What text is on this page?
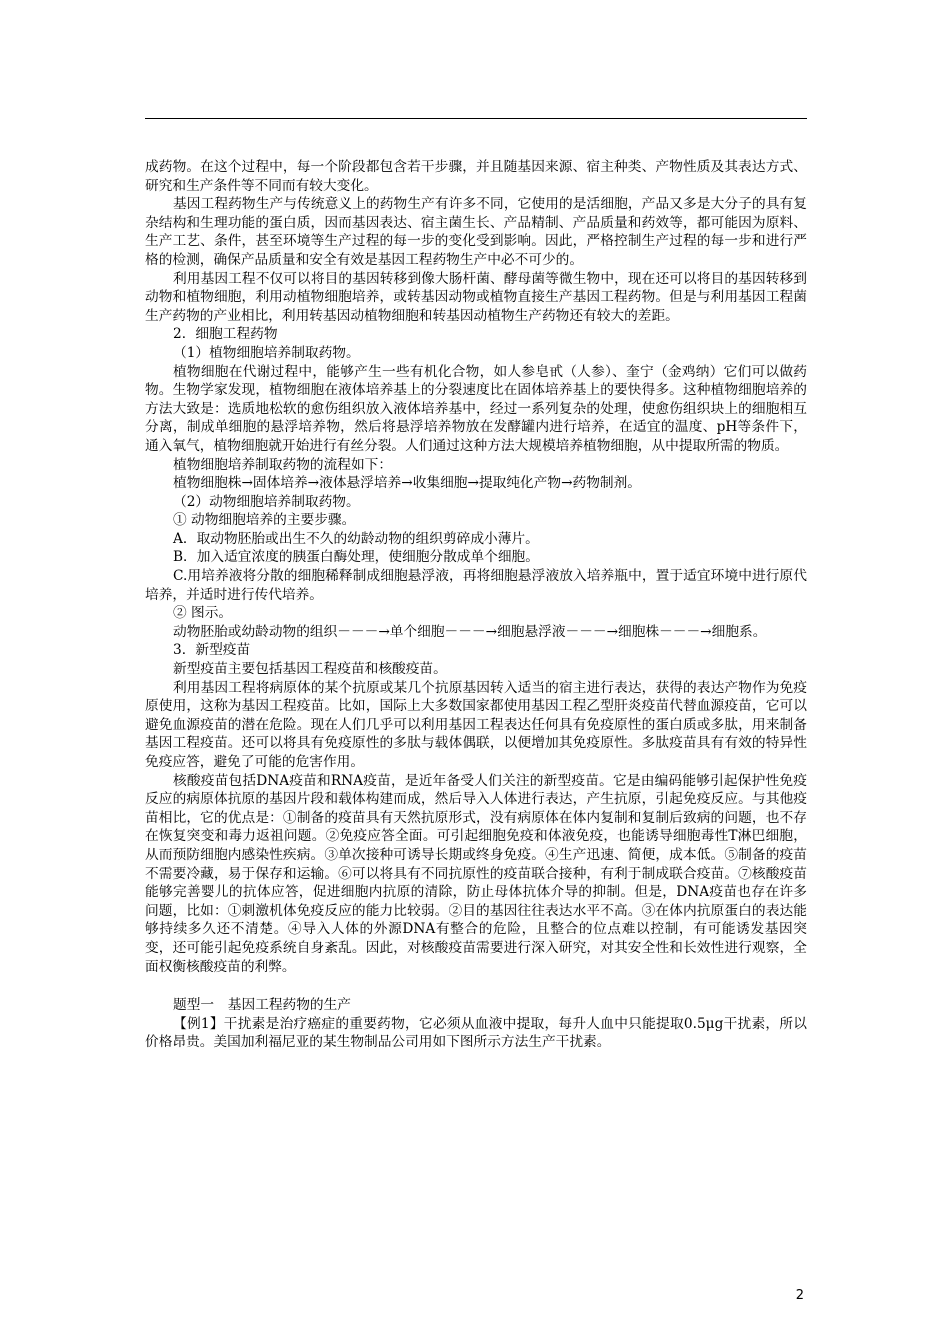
成药物。在这个过程中，每一个阶段都包含若干步骤，并且随基因来源、宿主种类、产物性质及其表达方式、研究和生产条件等不同而有较大变化。

基因工程药物生产与传统意义上的药物生产有许多不同，它使用的是活细胞，产品又多是大分子的具有复杂结构和生理功能的蛋白质，因而基因表达、宿主菌生长、产品精制、产品质量和药效等，都可能因为原料、生产工艺、条件，甚至环境等生产过程的每一步的变化受到影响。因此，严格控制生产过程的每一步和进行严格的检测，确保产品质量和安全有效是基因工程药物生产中必不可少的。

利用基因工程不仅可以将目的基因转移到像大肠杆菌、酵母菌等微生物中，现在还可以将目的基因转移到动物和植物细胞，利用动植物细胞培养，或转基因动物或植物直接生产基因工程药物。但是与利用基因工程菌生产药物的产业相比，利用转基因动植物细胞和转基因动植物生产药物还有较大的差距。

2．细胞工程药物

（1）植物细胞培养制取药物。

植物细胞在代谢过程中，能够产生一些有机化合物，如人参皂甙（人参）、奎宁（金鸡纳）它们可以做药物。生物学家发现，植物细胞在液体培养基上的分裂速度比在固体培养基上的要快得多。这种植物细胞培养的方法大致是：选质地松软的愈伤组织放入液体培养基中，经过一系列复杂的处理，使愈伤组织块上的细胞相互分离，制成单细胞的悬浮培养物，然后将悬浮培养物放在发酵罐内进行培养，在适宜的温度、pH等条件下，通入氧气，植物细胞就开始进行有丝分裂。人们通过这种方法大规模培养植物细胞，从中提取所需的物质。

植物细胞培养制取药物的流程如下：

植物细胞株→固体培养→液体悬浮培养→收集细胞→提取纯化产物→药物制剂。

（2）动物细胞培养制取药物。

① 动物细胞培养的主要步骤。

A．取动物胚胎或出生不久的幼龄动物的组织剪碎成小薄片。

B．加入适宜浓度的胰蛋白酶处理，使细胞分散成单个细胞。

C.用培养液将分散的细胞稀释制成细胞悬浮液，再将细胞悬浮液放入培养瓶中，置于适宜环境中进行原代培养，并适时进行传代培养。

② 图示。

动物胚胎或幼龄动物的组织－－－→单个细胞－－－→细胞悬浮液－－－→细胞株－－－→细胞系。

3．新型疫苗

新型疫苗主要包括基因工程疫苗和核酸疫苗。

利用基因工程将病原体的某个抗原或某几个抗原基因转入适当的宿主进行表达，获得的表达产物作为免疫原使用，这称为基因工程疫苗。比如，国际上大多数国家都使用基因工程乙型肝炎疫苗代替血源疫苗，它可以避免血源疫苗的潜在危险。现在人们几乎可以利用基因工程表达任何具有免疫原性的蛋白质或多肽，用来制备基因工程疫苗。还可以将具有免疫原性的多肽与载体偶联，以便增加其免疫原性。多肽疫苗具有有效的特异性免疫应答，避免了可能的危害作用。

核酸疫苗包括DNA疫苗和RNA疫苗，是近年备受人们关注的新型疫苗。它是由编码能够引起保护性免疫反应的病原体抗原的基因片段和载体构建而成，然后导入人体进行表达，产生抗原，引起免疫反应。与其他疫苗相比，它的优点是：①制备的疫苗具有天然抗原形式，没有病原体在体内复制和复制后致病的问题，也不存在恢复突变和毒力返祖问题。②免疫应答全面。可引起细胞免疫和体液免疫，也能诱导细胞毒性T淋巴细胞，从而预防细胞内感染性疾病。③单次接种可诱导长期或终身免疫。④生产迅速、简便，成本低。⑤制备的疫苗不需要冷藏，易于保存和运输。⑥可以将具有不同抗原性的疫苗联合接种，有利于制成联合疫苗。⑦核酸疫苗能够完善婴儿的抗体应答，促进细胞内抗原的清除，防止母体抗体介导的抑制。但是，DNA疫苗也存在许多问题，比如：①刺激机体免疫反应的能力比较弱。②目的基因往往表达水平不高。③在体内抗原蛋白的表达能够持续多久还不清楚。④导入人体的外源DNA有整合的危险，且整合的位点难以控制，有可能诱发基因突变，还可能引起免疫系统自身紊乱。因此，对核酸疫苗需要进行深入研究，对其安全性和长效性进行观察，全面权衡核酸疫苗的利弊。

题型一　基因工程药物的生产

【例1】干扰素是治疗癌症的重要药物，它必须从血液中提取，每升人血中只能提取0.5μg干扰素，所以价格昂贵。美国加利福尼亚的某生物制品公司用如下图所示方法生产干扰素。

2
